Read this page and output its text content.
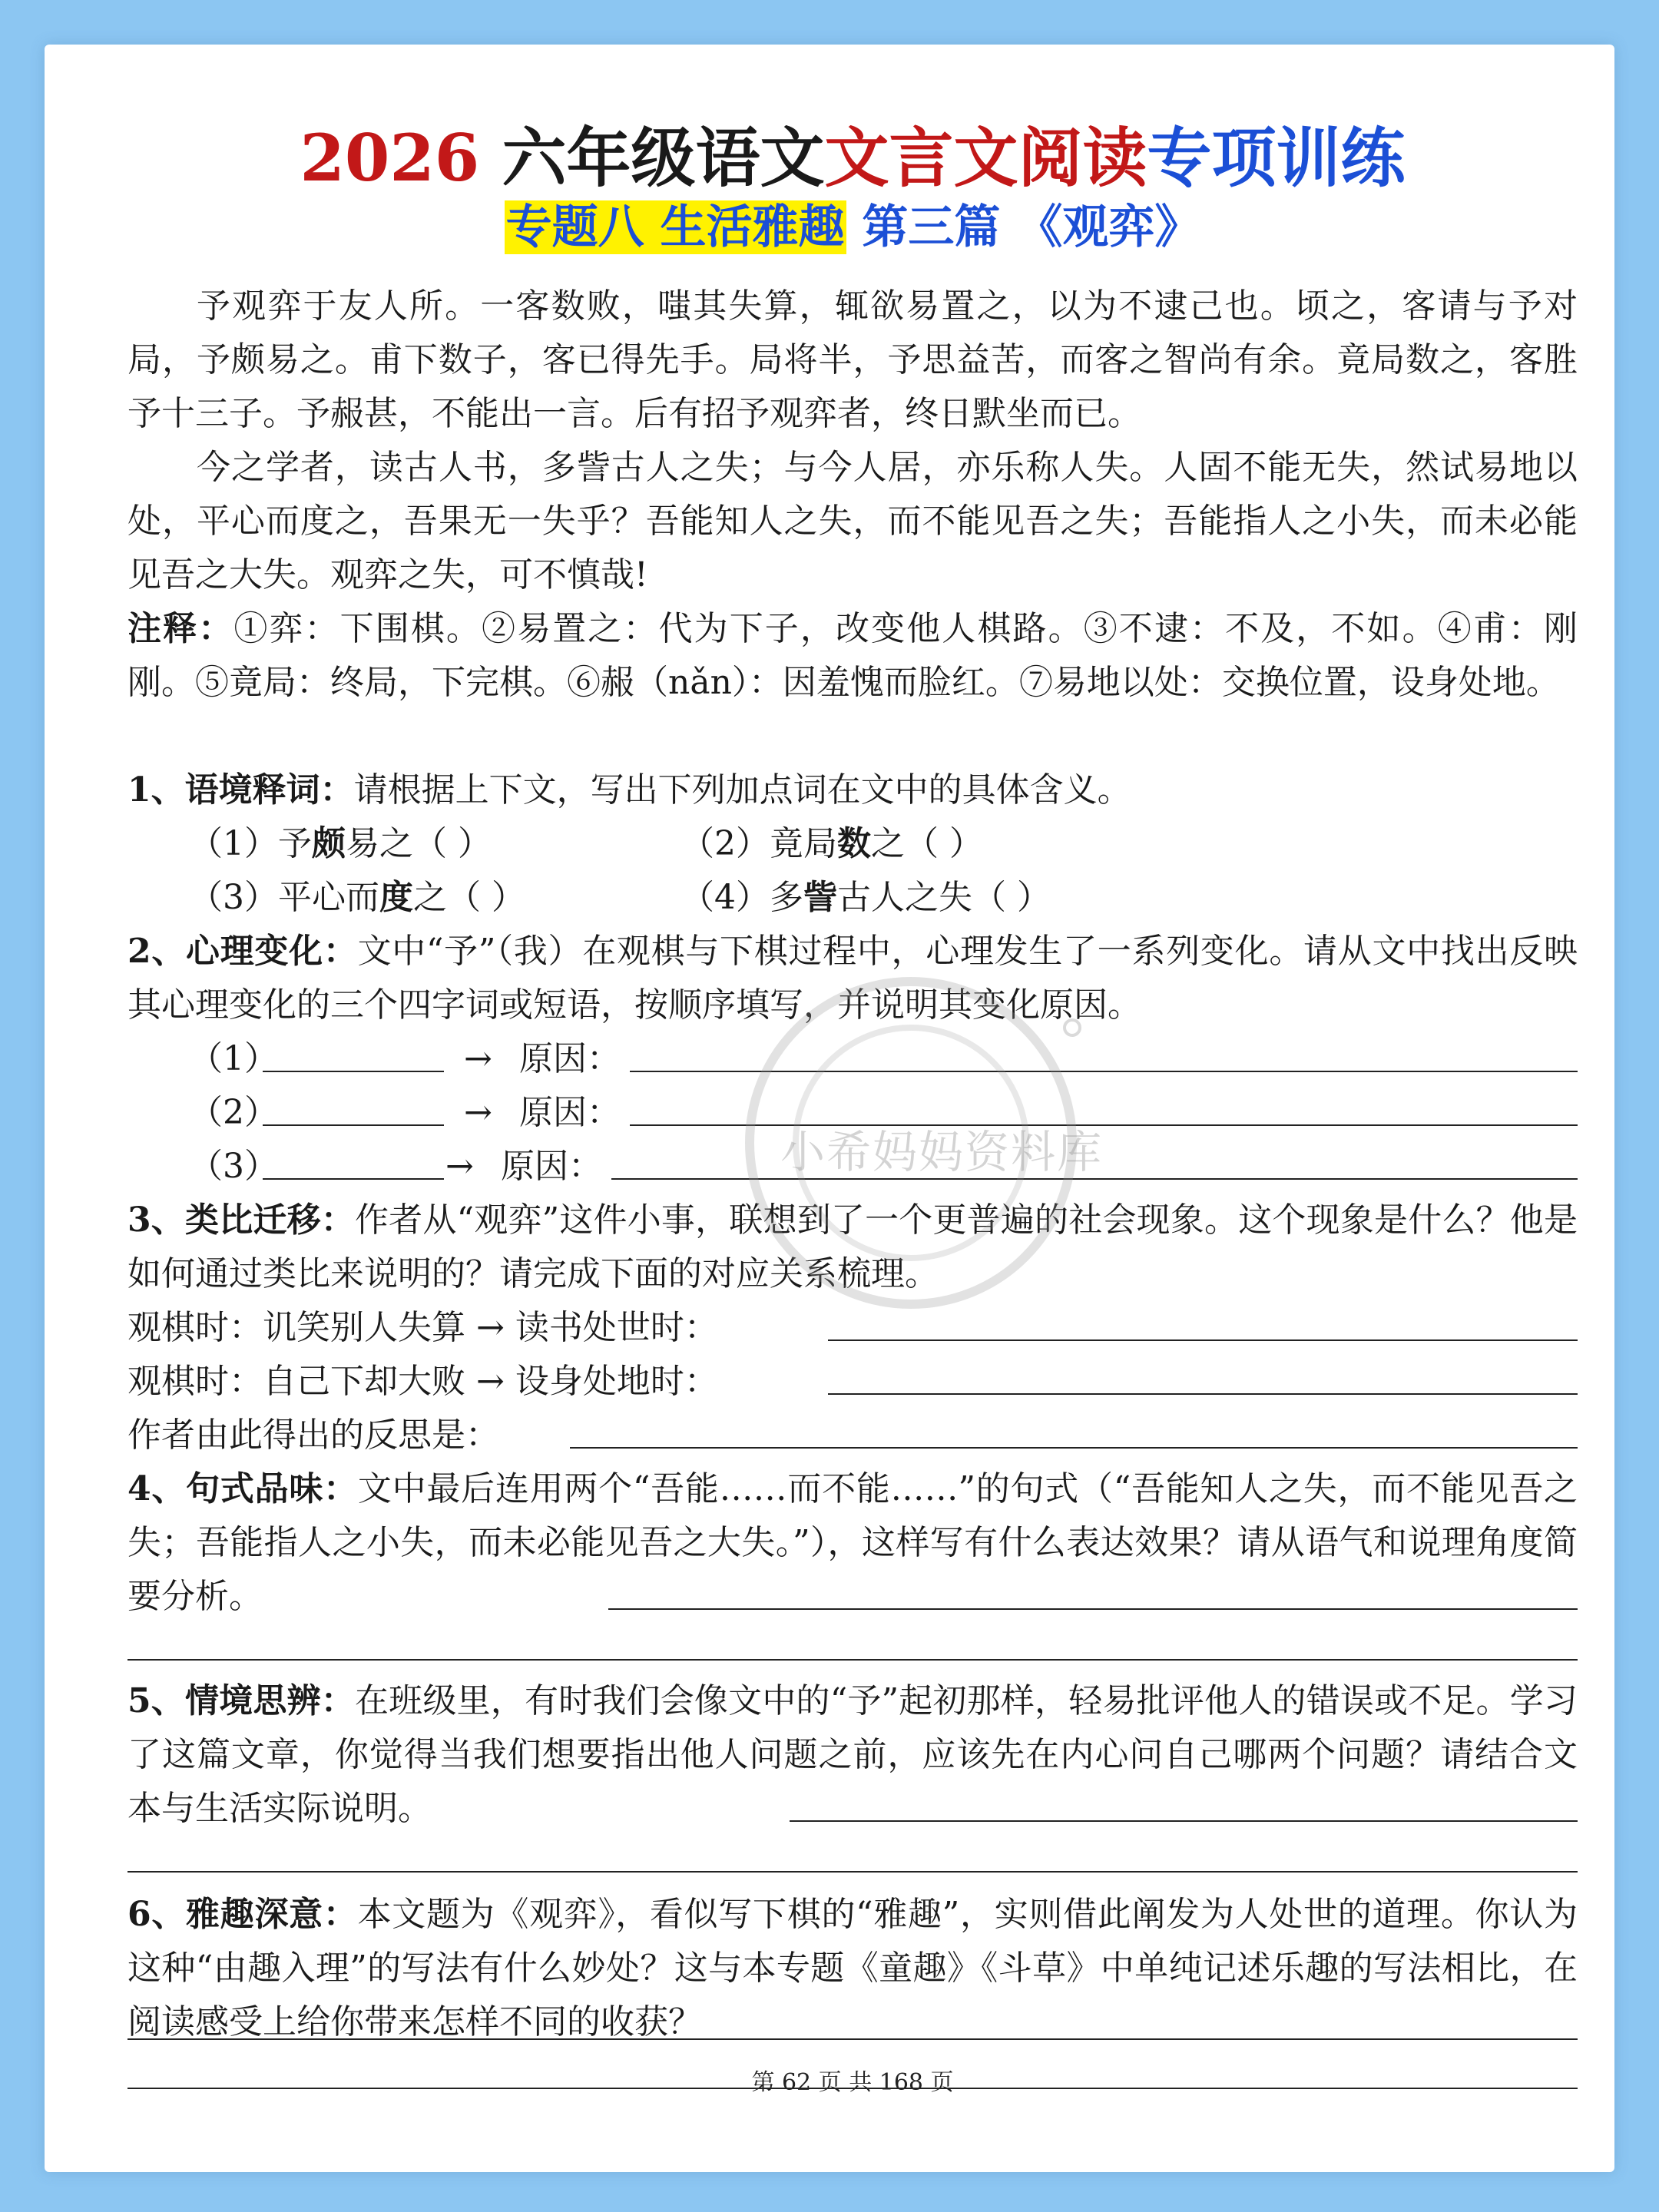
2026 六年级语文文言文阅读专项训练
专题八 生活雅趣 第三篇 《观弈》
予观弈于友人所。一客数败，嗤其失算，辄欲易置之，以为不逮己也。顷之，客请与予对局，予颇易之。甫下数子，客已得先手。局将半，予思益苦，而客之智尚有余。竟局数之，客胜予十三子。予赧甚，不能出一言。后有招予观弈者，终日默坐而已。
今之学者，读古人书，多訾古人之失；与今人居，亦乐称人失。人固不能无失，然试易地以处，平心而度之，吾果无一失乎？吾能知人之失，而不能见吾之失；吾能指人之小失，而未必能见吾之大失。观弈之失，可不慎哉!
注释：①弈：下围棋。②易置之：代为下子，改变他人棋路。③不逮：不及，不如。④甫：刚刚。⑤竟局：终局，下完棋。⑥赧（nǎn）：因羞愧而脸红。⑦易地以处：交换位置，设身处地。
1、语境释词：请根据上下文，写出下列加点词在文中的具体含义。
（1）予颇易之（ ）	（2）竟局数之（ ）
（3）平心而度之（ ）	（4）多訾古人之失（ ）
2、心理变化：文中“予”（我）在观棋与下棋过程中，心理发生了一系列变化。请从文中找出反映其心理变化的三个四字词或短语，按顺序填写，并说明其变化原因。
（1）	→ 原因：
（2）	→ 原因：
（3）	→ 原因：
3、类比迁移：作者从“观弈”这件小事，联想到了一个更普遍的社会现象。这个现象是什么？他是如何通过类比来说明的？请完成下面的对应关系梳理。
观棋时：讥笑别人失算 → 读书处世时：
观棋时：自己下却大败 → 设身处地时：
作者由此得出的反思是：
4、句式品味：文中最后连用两个“吾能……而不能……”的句式（“吾能知人之失，而不能见吾之失；吾能指人之小失，而未必能见吾之大失。”），这样写有什么表达效果？请从语气和说理角度简要分析。
5、情境思辨：在班级里，有时我们会像文中的“予”起初那样，轻易批评他人的错误或不足。学习了这篇文章，你觉得当我们想要指出他人问题之前，应该先在内心问自己哪两个问题？请结合文本与生活实际说明。
6、雅趣深意：本文题为《观弈》，看似写下棋的“雅趣”，实则借此阐发为人处世的道理。你认为这种“由趣入理”的写法有什么妙处？这与本专题《童趣》《斗草》中单纯记述乐趣的写法相比，在阅读感受上给你带来怎样不同的收获？
小希妈妈资料库
第 62 页 共 168 页
